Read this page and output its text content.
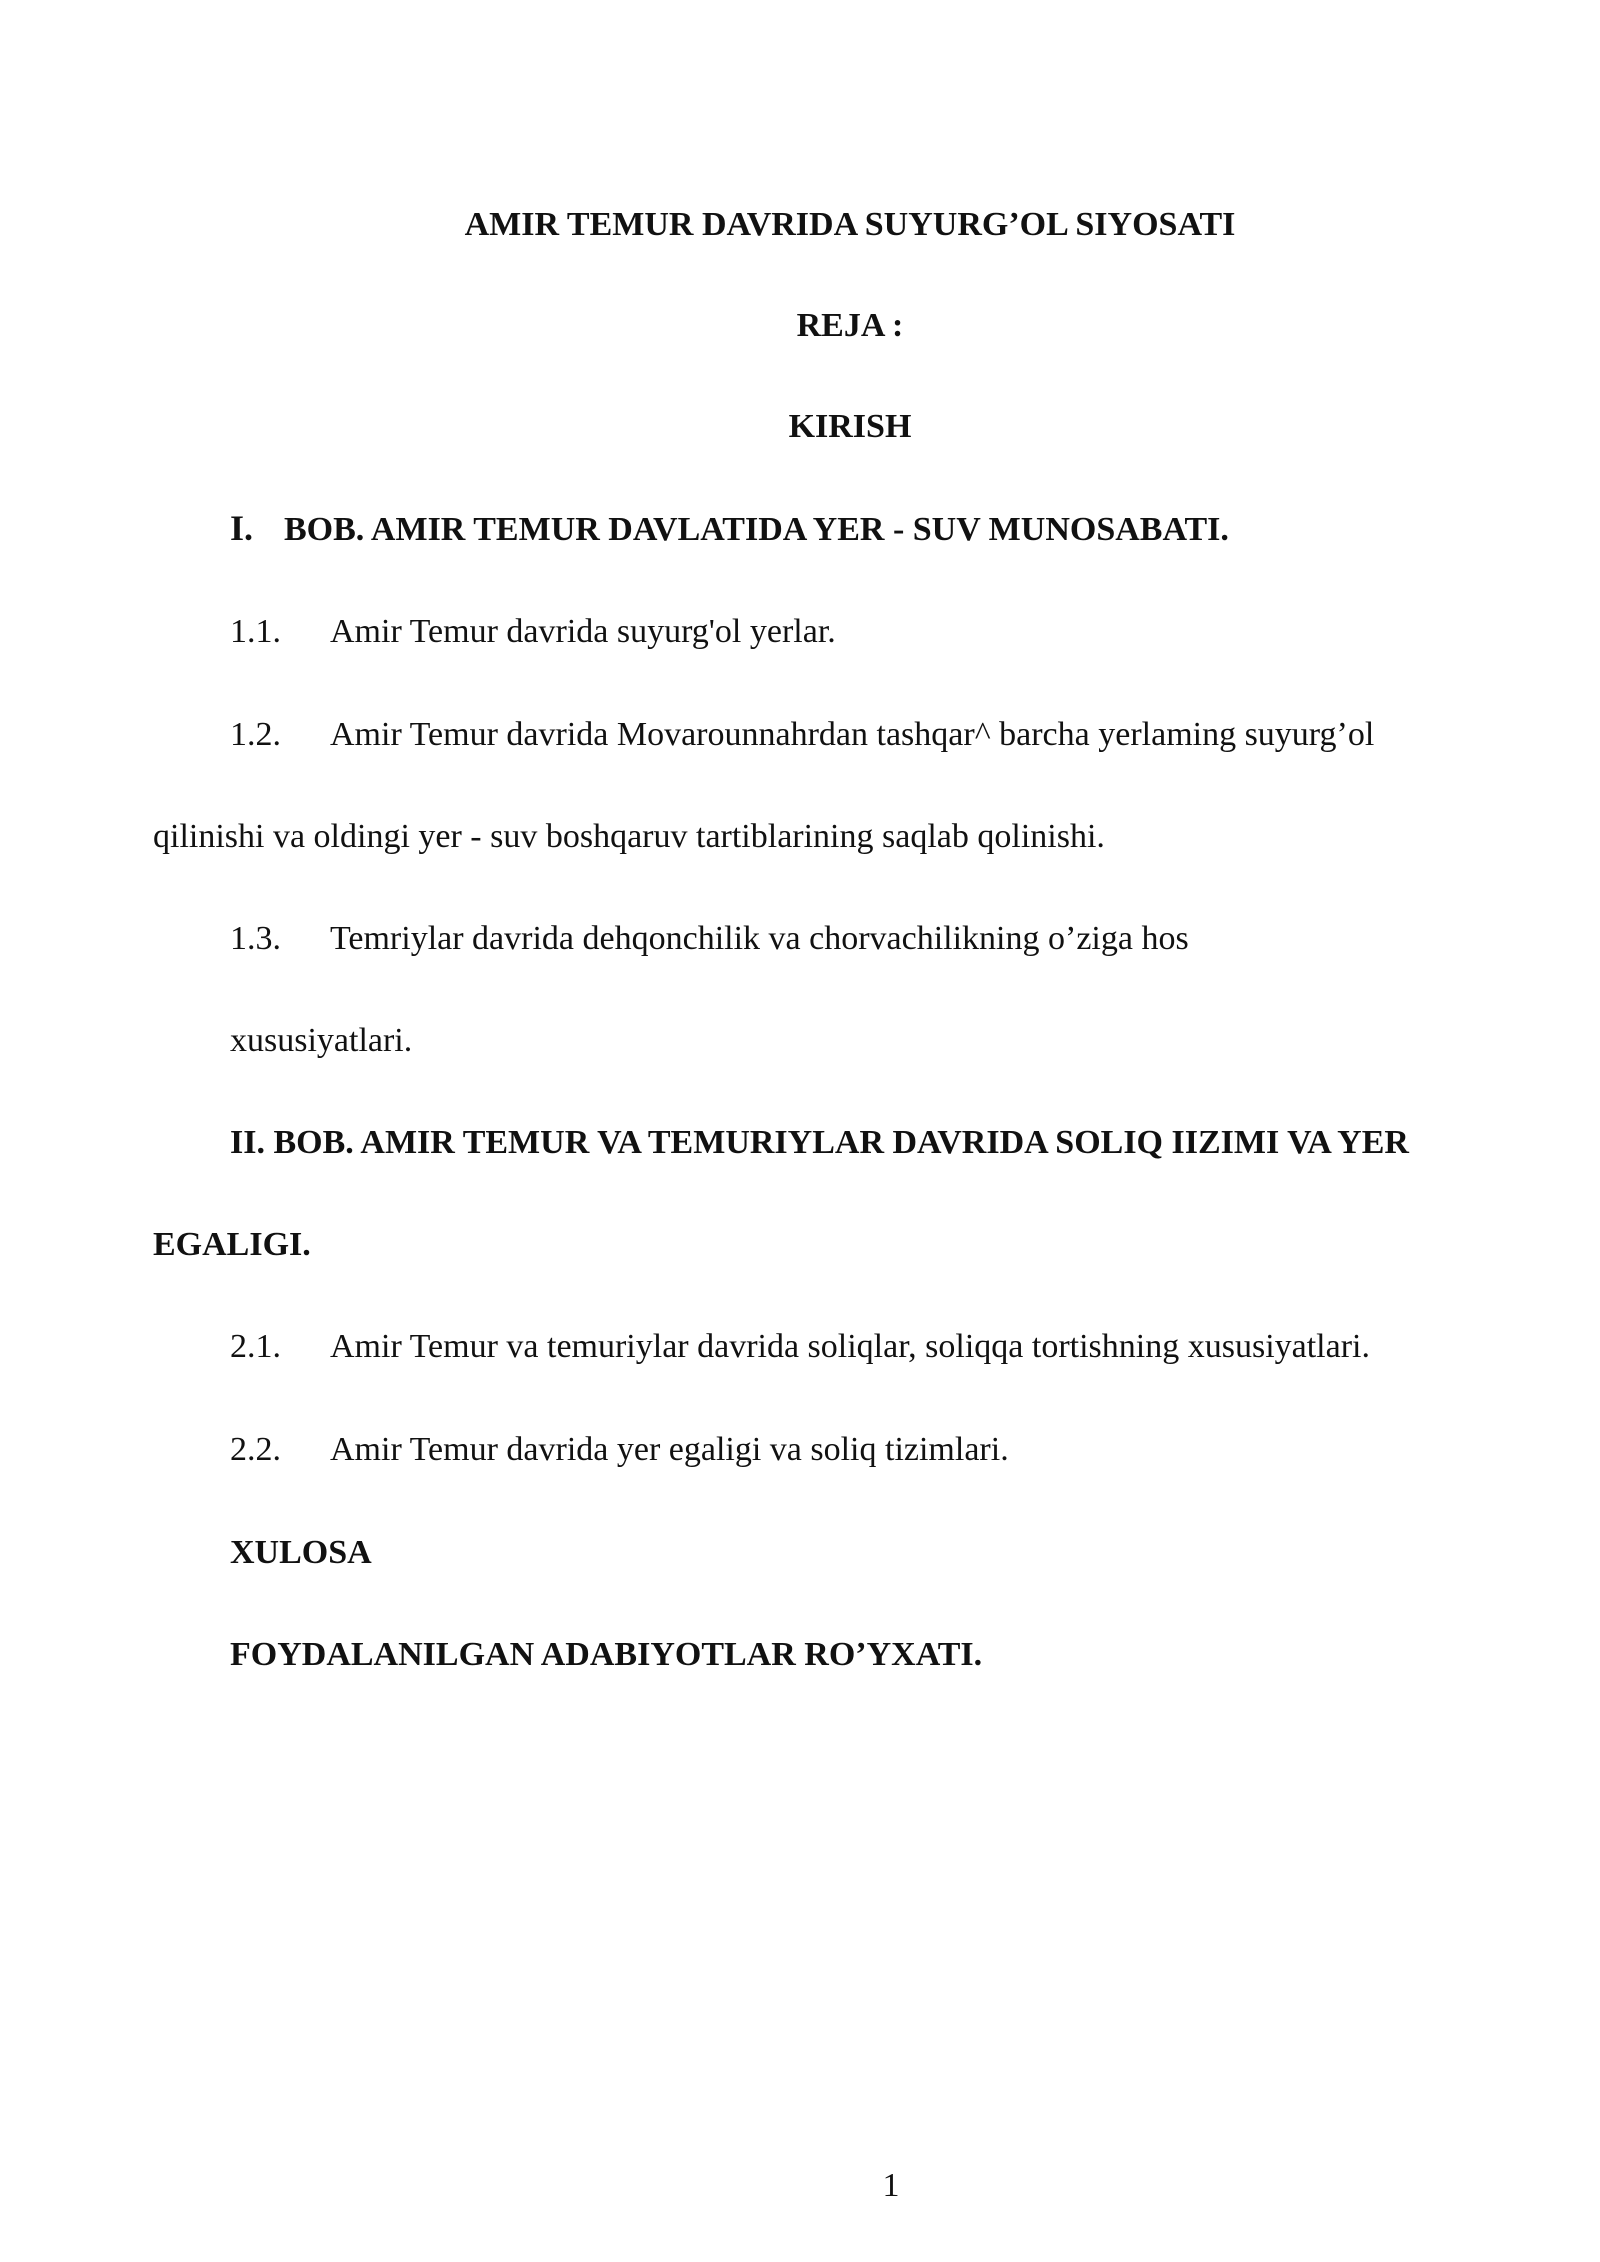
AMIR TEMUR DAVRIDA SUYURG’OL SIYOSATI
REJA :
KIRISH
I. BOB. AMIR TEMUR DAVLATIDA YER - SUV MUNOSABATI.
1.1. Amir Temur davrida suyurg'ol yerlar.
1.2. Amir Temur davrida Movarounnahrdan tashqar^ barcha yerlaming suyurg’ol
qilinishi va oldingi yer - suv boshqaruv tartiblarining saqlab qolinishi.
1.3. Temriylar davrida dehqonchilik va chorvachilikning o’ziga hos
xususiyatlari.
II. BOB. AMIR TEMUR VA TEMURIYLAR DAVRIDA SOLIQ IIZIMI VA YER
EGALIGI.
2.1. Amir Temur va temuriylar davrida soliqlar, soliqqa tortishning xususiyatlari.
2.2. Amir Temur davrida yer egaligi va soliq tizimlari.
XULOSA
FOYDALANILGAN ADABIYOTLAR RO’YXATI.
1
